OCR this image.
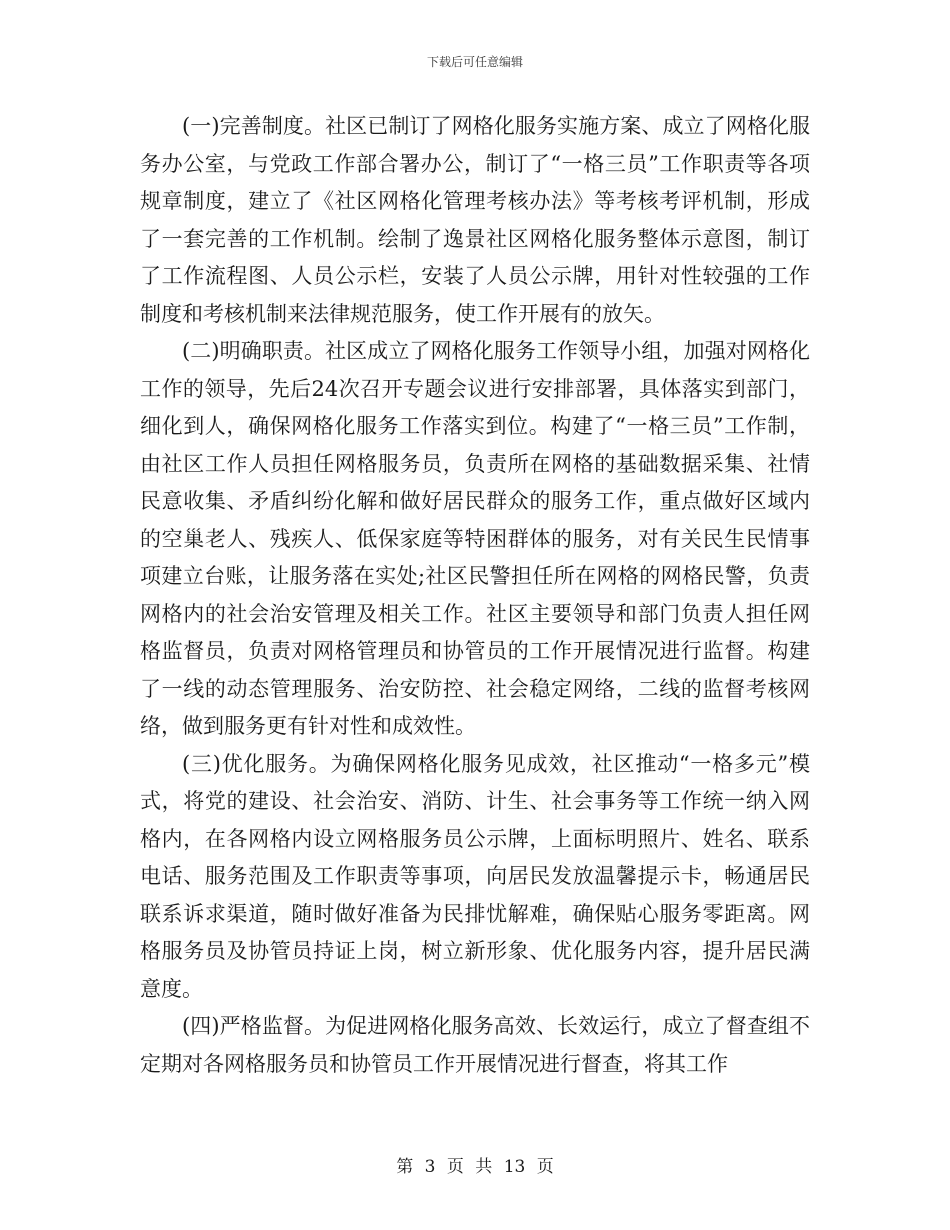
下载后可任意编辑

(一)完善制度。社区已制订了网格化服务实施方案、成立了网格化服务办公室，与党政工作部合署办公，制订了“一格三员”工作职责等各项规章制度，建立了《社区网格化管理考核办法》等考核考评机制，形成了一套完善的工作机制。绘制了逸景社区网格化服务整体示意图，制订了工作流程图、人员公示栏，安装了人员公示牌，用针对性较强的工作制度和考核机制来法律规范服务，使工作开展有的放矢。

(二)明确职责。社区成立了网格化服务工作领导小组，加强对网格化工作的领导，先后24次召开专题会议进行安排部署，具体落实到部门，细化到人，确保网格化服务工作落实到位。构建了“一格三员”工作制，由社区工作人员担任网格服务员，负责所在网格的基础数据采集、社情民意收集、矛盾纠纷化解和做好居民群众的服务工作，重点做好区域内的空巢老人、残疾人、低保家庭等特困群体的服务，对有关民生民情事项建立台账，让服务落在实处;社区民警担任所在网格的网格民警，负责网格内的社会治安管理及相关工作。社区主要领导和部门负责人担任网格监督员，负责对网格管理员和协管员的工作开展情况进行监督。构建了一线的动态管理服务、治安防控、社会稳定网络，二线的监督考核网络，做到服务更有针对性和成效性。

(三)优化服务。为确保网格化服务见成效，社区推动“一格多元”模式，将党的建设、社会治安、消防、计生、社会事务等工作统一纳入网格内，在各网格内设立网格服务员公示牌，上面标明照片、姓名、联系电话、服务范围及工作职责等事项，向居民发放温馨提示卡，畅通居民联系诉求渠道，随时做好准备为民排忧解难，确保贴心服务零距离。网格服务员及协管员持证上岗，树立新形象、优化服务内容，提升居民满意度。

(四)严格监督。为促进网格化服务高效、长效运行，成立了督查组不定期对各网格服务员和协管员工作开展情况进行督查，将其工作

第 3 页 共 13 页
